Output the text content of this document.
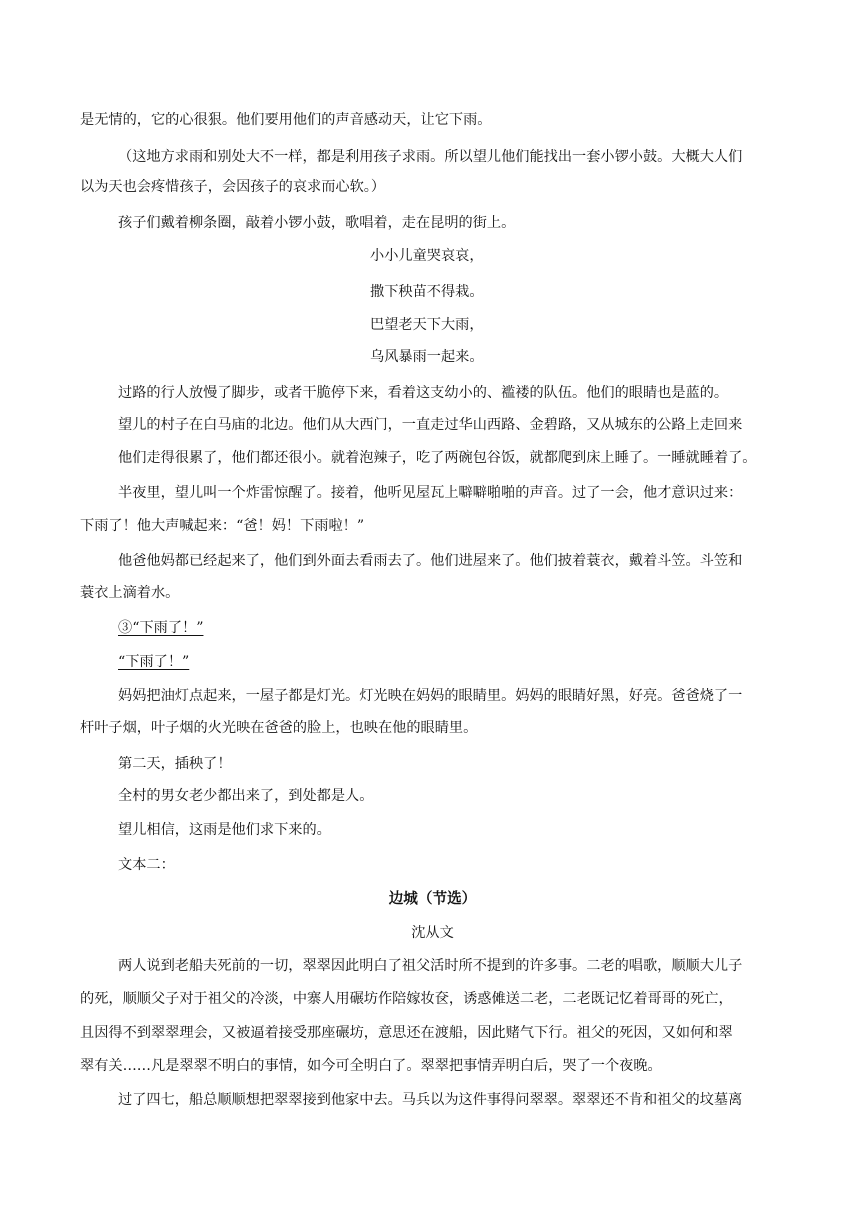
是无情的，它的心很狠。他们要用他们的声音感动天，让它下雨。
（这地方求雨和别处大不一样，都是利用孩子求雨。所以望儿他们能找出一套小锣小鼓。大概大人们
以为天也会疼惜孩子，会因孩子的哀求而心软。）
孩子们戴着柳条圈，敲着小锣小鼓，歌唱着，走在昆明的街上。
小小儿童哭哀哀，
撒下秧苗不得栽。
巴望老天下大雨，
乌风暴雨一起来。
过路的行人放慢了脚步，或者干脆停下来，看着这支幼小的、褴褛的队伍。他们的眼睛也是蓝的。
望儿的村子在白马庙的北边。他们从大西门，一直走过华山西路、金碧路，又从城东的公路上走回来
他们走得很累了，他们都还很小。就着泡辣子，吃了两碗包谷饭，就都爬到床上睡了。一睡就睡着了。
半夜里，望儿叫一个炸雷惊醒了。接着，他听见屋瓦上噼噼啪啪的声音。过了一会，他才意识过来：
下雨了！他大声喊起来：“爸！妈！下雨啦！”
他爸他妈都已经起来了，他们到外面去看雨去了。他们进屋来了。他们披着蓑衣，戴着斗笠。斗笠和
蓑衣上滴着水。
③“下雨了！”
“下雨了！”
妈妈把油灯点起来，一屋子都是灯光。灯光映在妈妈的眼睛里。妈妈的眼睛好黑，好亮。爸爸烧了一
杆叶子烟，叶子烟的火光映在爸爸的脸上，也映在他的眼睛里。
第二天，插秧了！
全村的男女老少都出来了，到处都是人。
望儿相信，这雨是他们求下来的。
文本二：
边城（节选）
沈从文
两人说到老船夫死前的一切，翠翠因此明白了祖父活时所不提到的许多事。二老的唱歌，顺顺大儿子
的死，顺顺父子对于祖父的冷淡，中寨人用碾坊作陪嫁妆奁，诱惑傩送二老，二老既记忆着哥哥的死亡，
且因得不到翠翠理会，又被逼着接受那座碾坊，意思还在渡船，因此赌气下行。祖父的死因，又如何和翠
翠有关……凡是翠翠不明白的事情，如今可全明白了。翠翠把事情弄明白后，哭了一个夜晚。
过了四七，船总顺顺想把翠翠接到他家中去。马兵以为这件事得问翠翠。翠翠还不肯和祖父的坟墓离
